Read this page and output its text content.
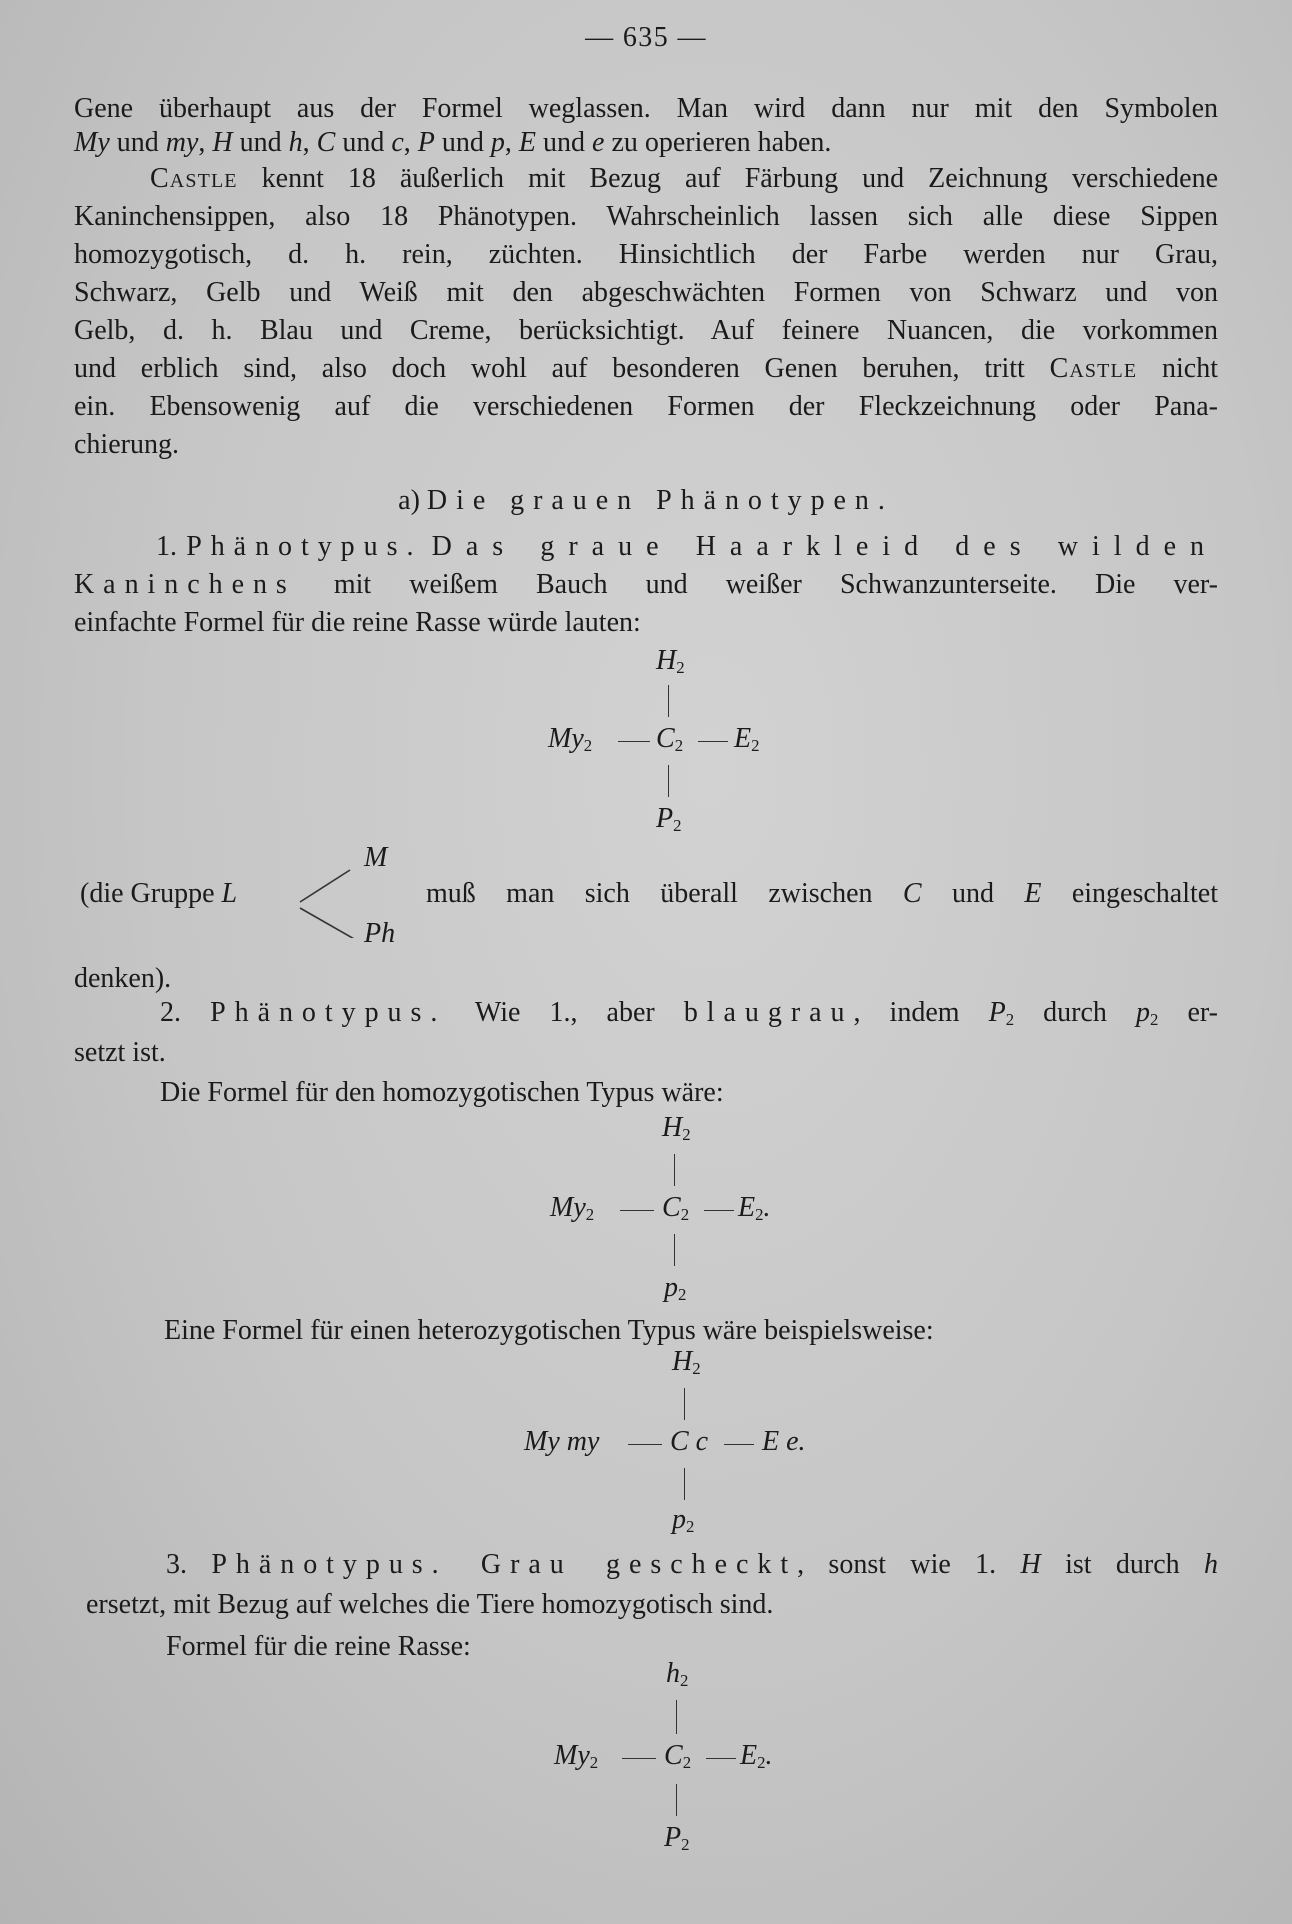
— 635 —
Gene überhaupt aus der Formel weglassen. Man wird dann nur mit den Symbolen
My und my, H und h, C und c, P und p, E und e zu operieren haben.
Castle kennt 18 äußerlich mit Bezug auf Färbung und Zeichnung verschiedene
Kaninchensippen, also 18 Phänotypen. Wahrscheinlich lassen sich alle diese Sippen
homozygotisch, d. h. rein, züchten. Hinsichtlich der Farbe werden nur Grau,
Schwarz, Gelb und Weiß mit den abgeschwächten Formen von Schwarz und von
Gelb, d. h. Blau und Creme, berücksichtigt. Auf feinere Nuancen, die vorkommen
und erblich sind, also doch wohl auf besonderen Genen beruhen, tritt Castle nicht
ein. Ebensowenig auf die verschiedenen Formen der Fleckzeichnung oder Pana-
chierung.
a) Die grauen Phänotypen.
1. Phänotypus. Das graue Haarkleid des wilden
Kaninchens mit weißem Bauch und weißer Schwanzunterseite. Die ver-
einfachte Formel für die reine Rasse würde lauten:
$H_2$
$My_2$ $C_2$ $E_2$
$P_2$
(die Gruppe L
M
Ph
muß man sich überall zwischen C und E eingeschaltet
denken).
2. Phänotypus. Wie 1., aber blaugrau, indem $P_2$ durch $p_2$ er-
setzt ist.
Die Formel für den homozygotischen Typus wäre:
$H_2$
$My_2$ $C_2$ $E_2$.
$p_2$
Eine Formel für einen heterozygotischen Typus wäre beispielsweise:
$H_2$
My my	C c E e.
$p_2$
3. Phänotypus. Grau gescheckt, sonst wie 1. H ist durch h
ersetzt, mit Bezug auf welches die Tiere homozygotisch sind.
Formel für die reine Rasse:
$h_2$
$My_2$ $C_2$ $E_2$.
$P_2$
